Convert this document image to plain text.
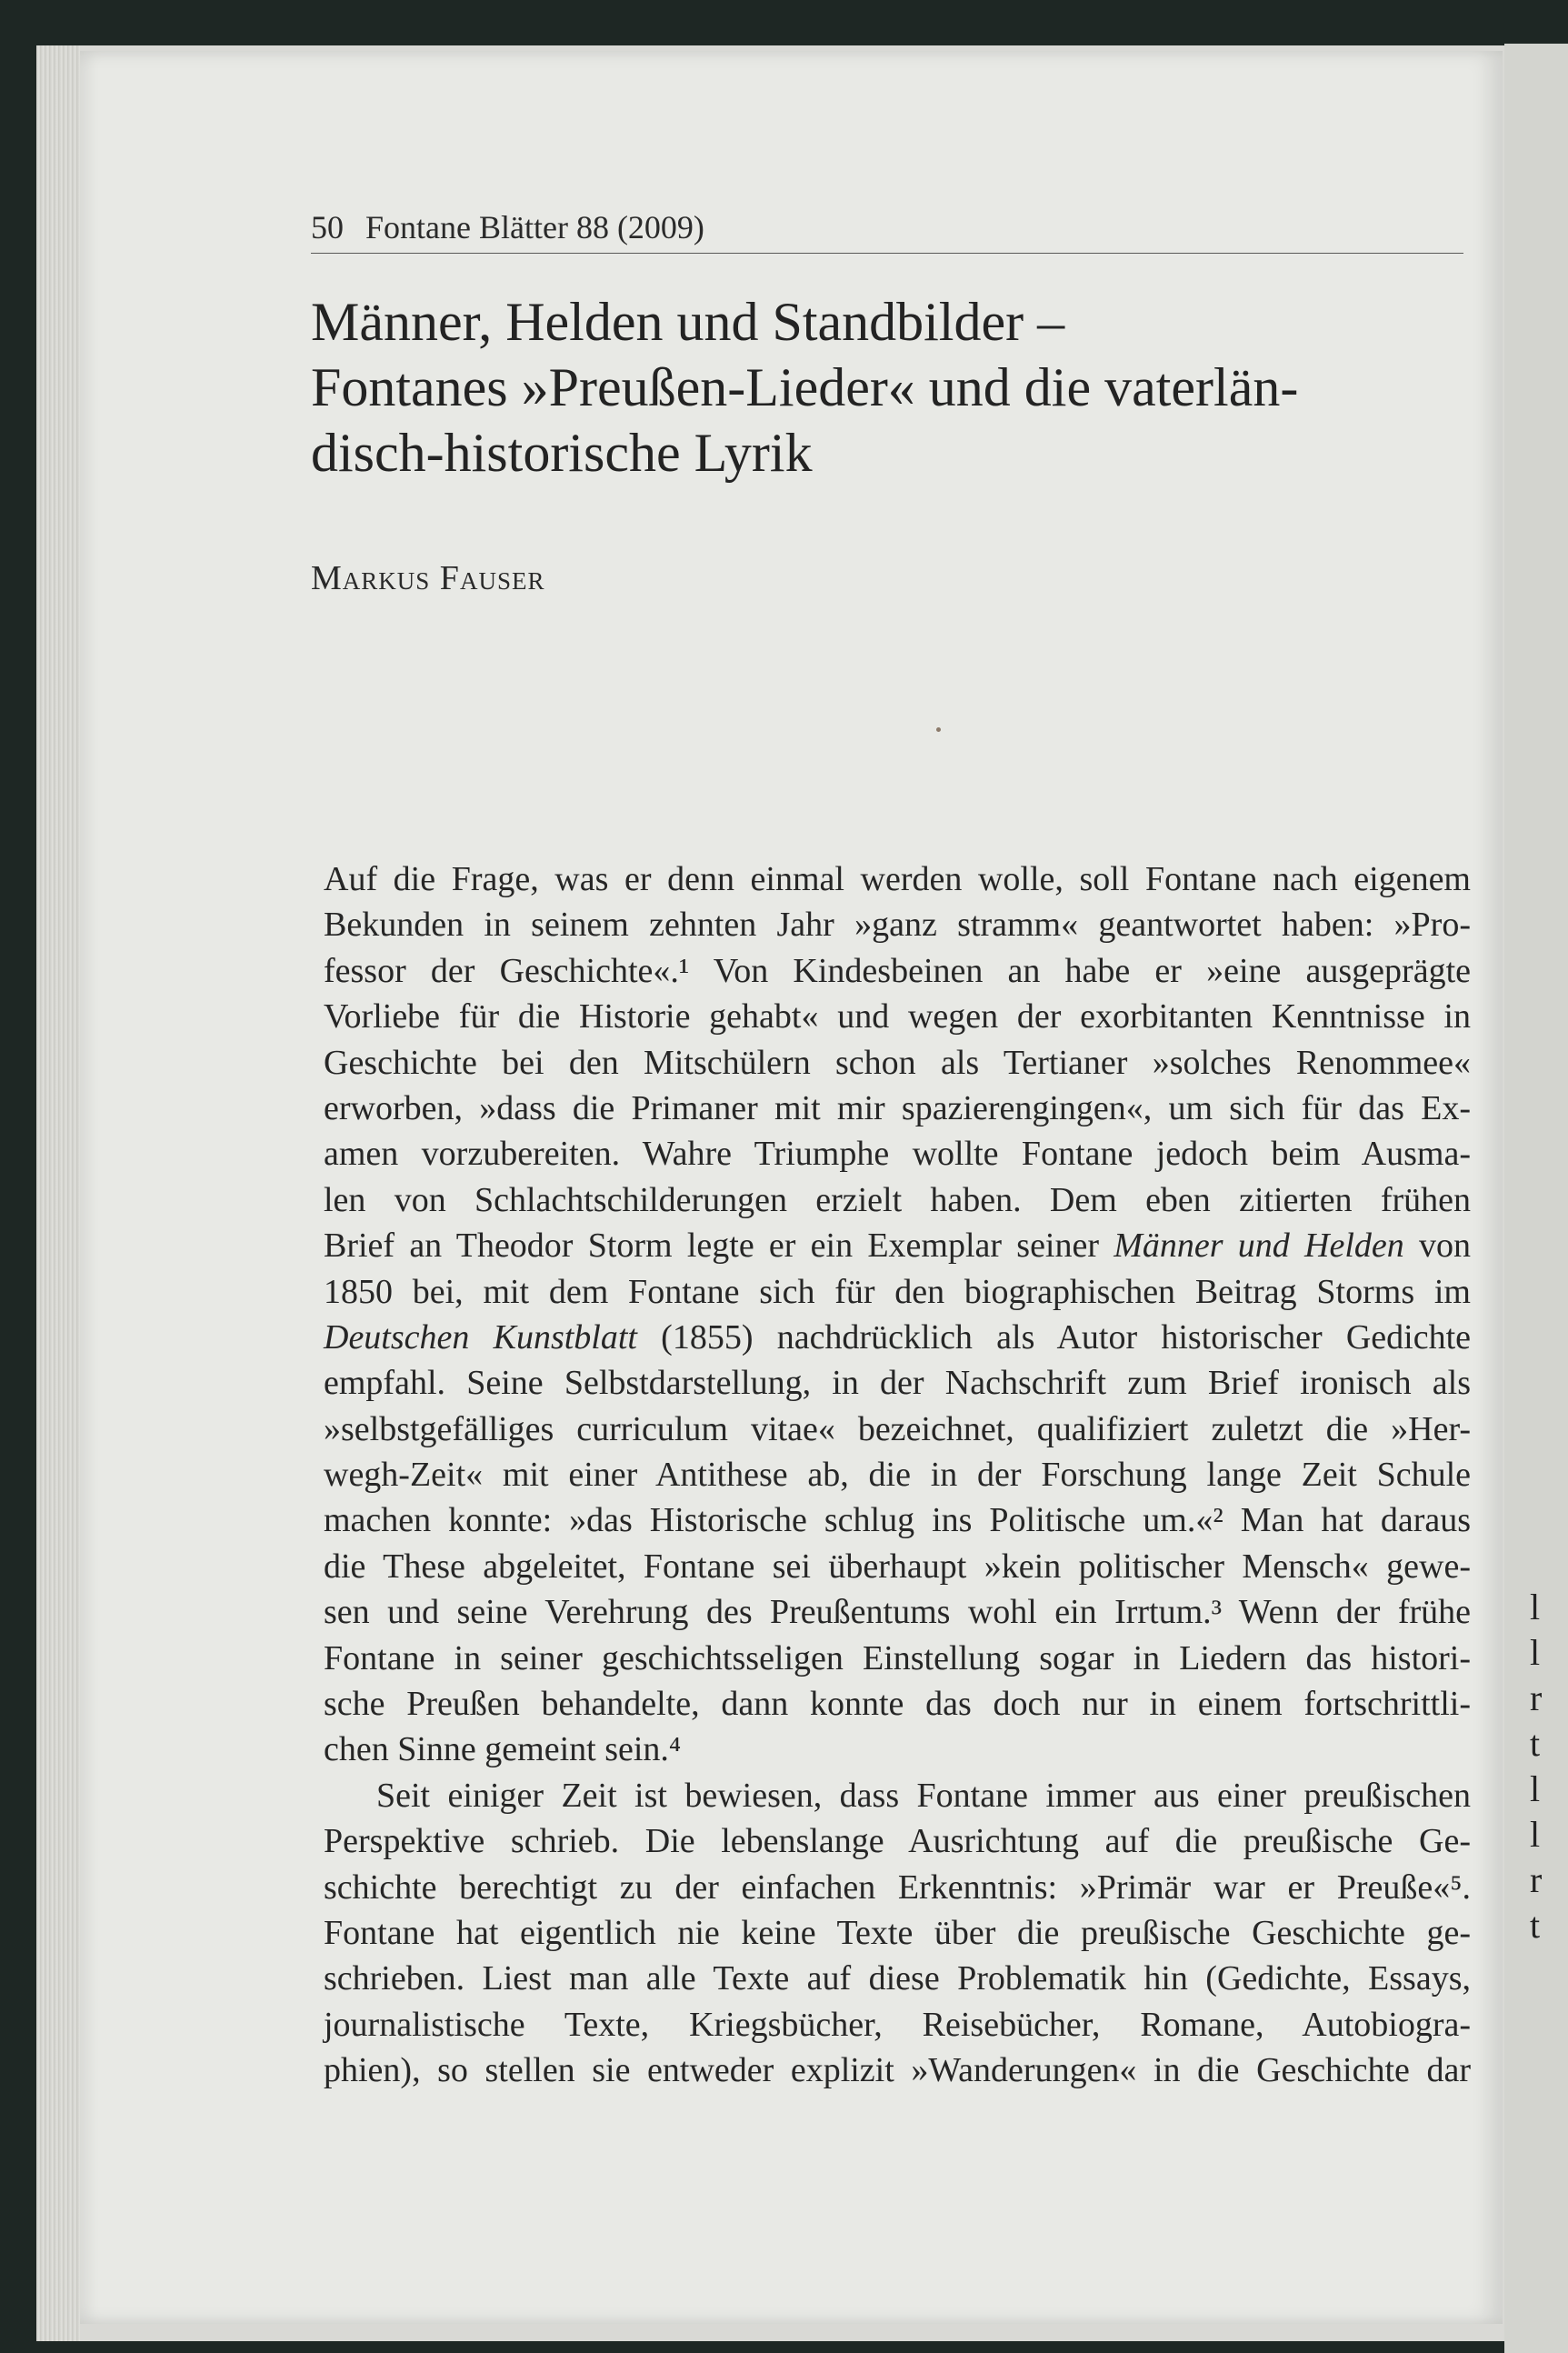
l
l
r
t
l
l
r
t

50 Fontane Blätter 88 (2009)
Männer, Helden und Standbilder –
Fontanes »Preußen-Lieder« und die vaterlän-
disch-historische Lyrik
Markus Fauser
Auf die Frage, was er denn einmal werden wolle, soll Fontane nach eigenem
Bekunden in seinem zehnten Jahr »ganz stramm« geantwortet haben: »Pro-
fessor der Geschichte«.¹ Von Kindesbeinen an habe er »eine ausgeprägte
Vorliebe für die Historie gehabt« und wegen der exorbitanten Kenntnisse in
Geschichte bei den Mitschülern schon als Tertianer »solches Renommee«
erworben, »dass die Primaner mit mir spazierengingen«, um sich für das Ex-
amen vorzubereiten. Wahre Triumphe wollte Fontane jedoch beim Ausma-
len von Schlachtschilderungen erzielt haben. Dem eben zitierten frühen
Brief an Theodor Storm legte er ein Exemplar seiner Männer und Helden von
1850 bei, mit dem Fontane sich für den biographischen Beitrag Storms im
Deutschen Kunstblatt (1855) nachdrücklich als Autor historischer Gedichte
empfahl. Seine Selbstdarstellung, in der Nachschrift zum Brief ironisch als
»selbstgefälliges curriculum vitae« bezeichnet, qualifiziert zuletzt die »Her-
wegh-Zeit« mit einer Antithese ab, die in der Forschung lange Zeit Schule
machen konnte: »das Historische schlug ins Politische um.«² Man hat daraus
die These abgeleitet, Fontane sei überhaupt »kein politischer Mensch« gewe-
sen und seine Verehrung des Preußentums wohl ein Irrtum.³ Wenn der frühe
Fontane in seiner geschichtsseligen Einstellung sogar in Liedern das histori-
sche Preußen behandelte, dann konnte das doch nur in einem fortschrittli-
chen Sinne gemeint sein.⁴
Seit einiger Zeit ist bewiesen, dass Fontane immer aus einer preußischen
Perspektive schrieb. Die lebenslange Ausrichtung auf die preußische Ge-
schichte berechtigt zu der einfachen Erkenntnis: »Primär war er Preuße«⁵.
Fontane hat eigentlich nie keine Texte über die preußische Geschichte ge-
schrieben. Liest man alle Texte auf diese Problematik hin (Gedichte, Essays,
journalistische Texte, Kriegsbücher, Reisebücher, Romane, Autobiogra-
phien), so stellen sie entweder explizit »Wanderungen« in die Geschichte dar
